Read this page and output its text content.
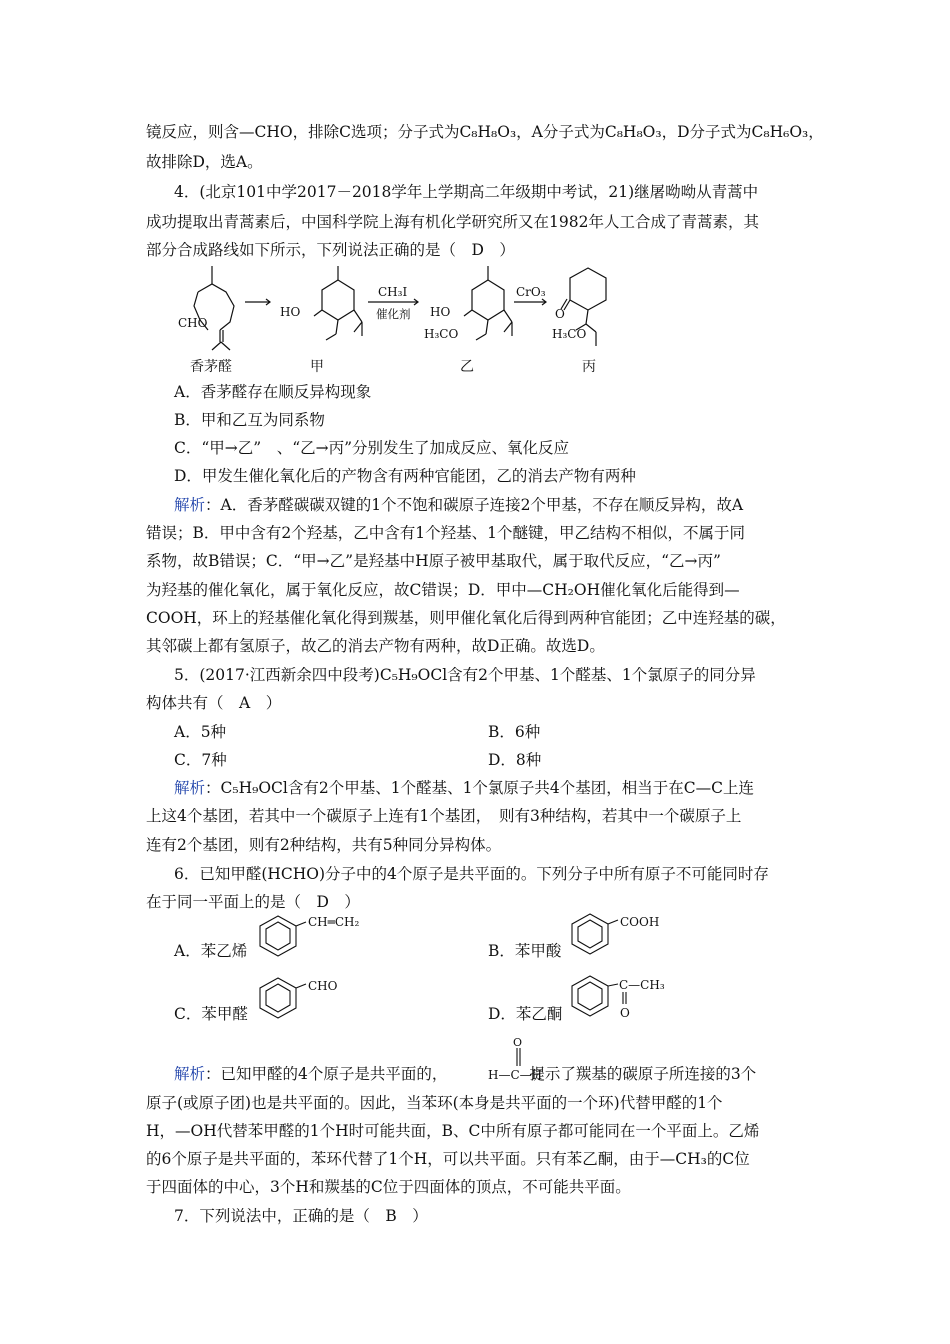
镜反应，则含—CHO，排除C选项；分子式为C₈H₈O₃，A分子式为C₈H₈O₃，D分子式为C₈H₆O₃，
故排除D，选A。
4．(北京101中学2017－2018学年上学期高二年级期中考试，21)继屠呦呦从青蒿中
成功提取出青蒿素后，中国科学院上海有机化学研究所又在1982年人工合成了青蒿素，其
部分合成路线如下所示，下列说法正确的是（　D　）
CHO
HO	HO
H₃CO	H₃CO
O
CH₃I
催化剂
CrO₃
香茅醛	甲	乙	丙
A．香茅醛存在顺反异构现象
B．甲和乙互为同系物
C．“甲→乙”　、“乙→丙”分别发生了加成反应、氧化反应
D．甲发生催化氧化后的产物含有两种官能团，乙的消去产物有两种
解析：A．香茅醛碳碳双键的1个不饱和碳原子连接2个甲基，不存在顺反异构，故A
错误；B．甲中含有2个羟基，乙中含有1个羟基、1个醚键，甲乙结构不相似，不属于同
系物，故B错误；C．“甲→乙”是羟基中H原子被甲基取代，属于取代反应，“乙→丙”
为羟基的催化氧化，属于氧化反应，故C错误；D．甲中—CH₂OH催化氧化后能得到—
COOH，环上的羟基催化氧化得到羰基，则甲催化氧化后得到两种官能团；乙中连羟基的碳，
其邻碳上都有氢原子，故乙的消去产物有两种，故D正确。故选D。
5．(2017·江西新余四中段考)C₅H₉OCl含有2个甲基、1个醛基、1个氯原子的同分异
构体共有（　A　）
A．5种	B．6种
C．7种	D．8种
解析：C₅H₉OCl含有2个甲基、1个醛基、1个氯原子共4个基团，相当于在C—C上连
上这4个基团，若其中一个碳原子上连有1个基团，　则有3种结构，若其中一个碳原子上
连有2个基团，则有2种结构，共有5种同分异构体。
6．已知甲醛(HCHO)分子中的4个原子是共平面的。下列分子中所有原子不可能同时存
在于同一平面上的是（　D　）
A．苯乙烯	B．苯甲酸
C．苯甲醛	D．苯乙酮
CH═CH₂	COOH
CHO	C—CH₃
O
解析：已知甲醛的4个原子是共平面的，	提示了羰基的碳原子所连接的3个
O
H—C—H
原子(或原子团)也是共平面的。因此，当苯环(本身是共平面的一个环)代替甲醛的1个
H，—OH代替苯甲醛的1个H时可能共面，B、C中所有原子都可能同在一个平面上。乙烯
的6个原子是共平面的，苯环代替了1个H，可以共平面。只有苯乙酮，由于—CH₃的C位
于四面体的中心，3个H和羰基的C位于四面体的顶点，不可能共平面。
7．下列说法中，正确的是（　B　）
